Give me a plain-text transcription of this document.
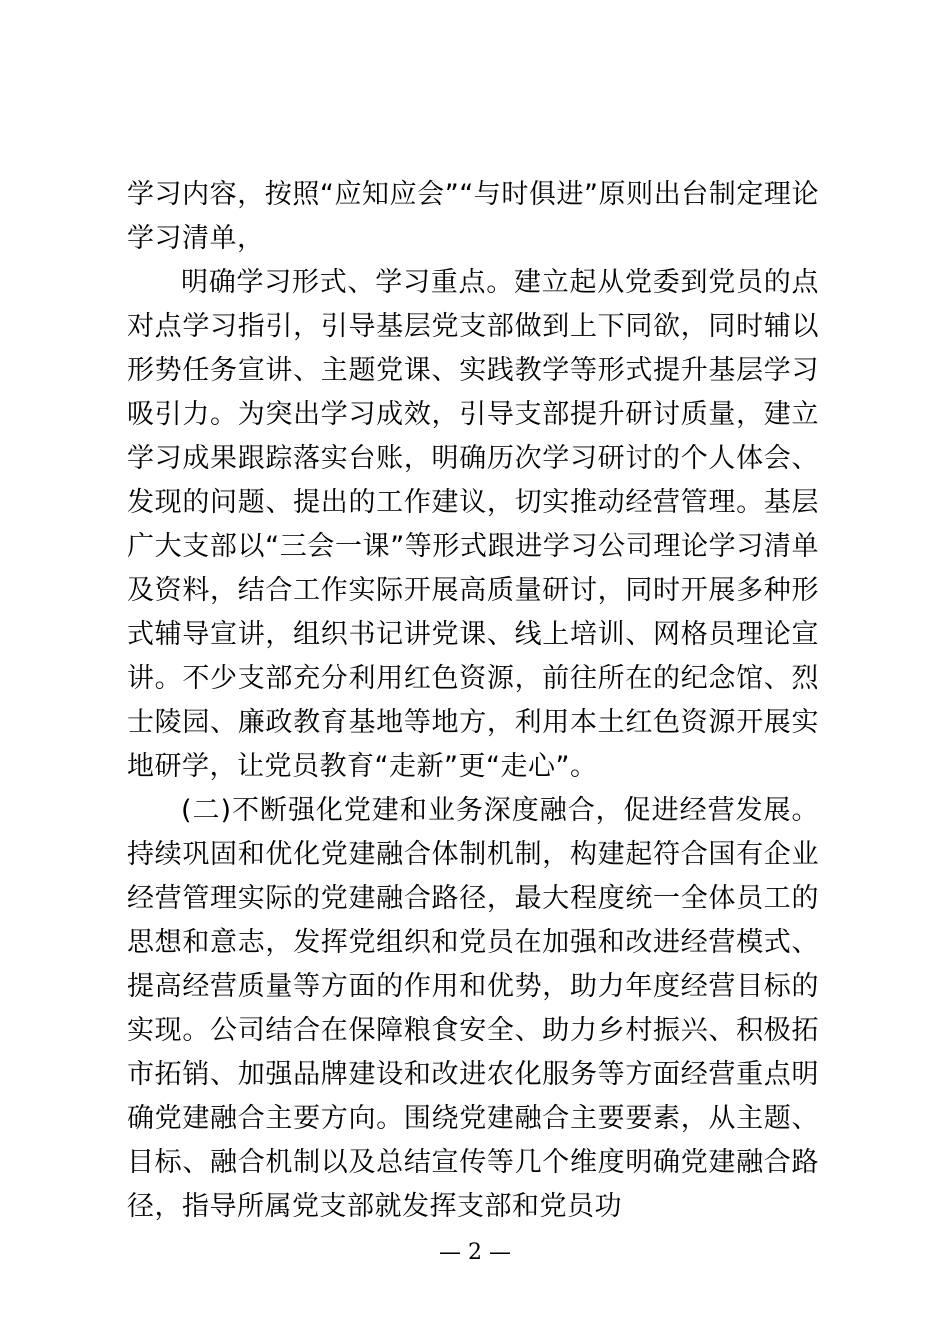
学习内容，按照“应知应会”“与时俱进”原则出台制定理论学习清单，

明确学习形式、学习重点。建立起从党委到党员的点对点学习指引，引导基层党支部做到上下同欲，同时辅以形势任务宣讲、主题党课、实践教学等形式提升基层学习吸引力。为突出学习成效，引导支部提升研讨质量，建立学习成果跟踪落实台账，明确历次学习研讨的个人体会、发现的问题、提出的工作建议，切实推动经营管理。基层广大支部以“三会一课”等形式跟进学习公司理论学习清单及资料，结合工作实际开展高质量研讨，同时开展多种形式辅导宣讲，组织书记讲党课、线上培训、网格员理论宣讲。不少支部充分利用红色资源，前往所在的纪念馆、烈士陵园、廉政教育基地等地方，利用本土红色资源开展实地研学，让党员教育“走新”更“走心”。

(二)不断强化党建和业务深度融合，促进经营发展。持续巩固和优化党建融合体制机制，构建起符合国有企业经营管理实际的党建融合路径，最大程度统一全体员工的思想和意志，发挥党组织和党员在加强和改进经营模式、提高经营质量等方面的作用和优势，助力年度经营目标的实现。公司结合在保障粮食安全、助力乡村振兴、积极拓市拓销、加强品牌建设和改进农化服务等方面经营重点明确党建融合主要方向。围绕党建融合主要要素，从主题、目标、融合机制以及总结宣传等几个维度明确党建融合路径，指导所属党支部就发挥支部和党员功

— 2 —
